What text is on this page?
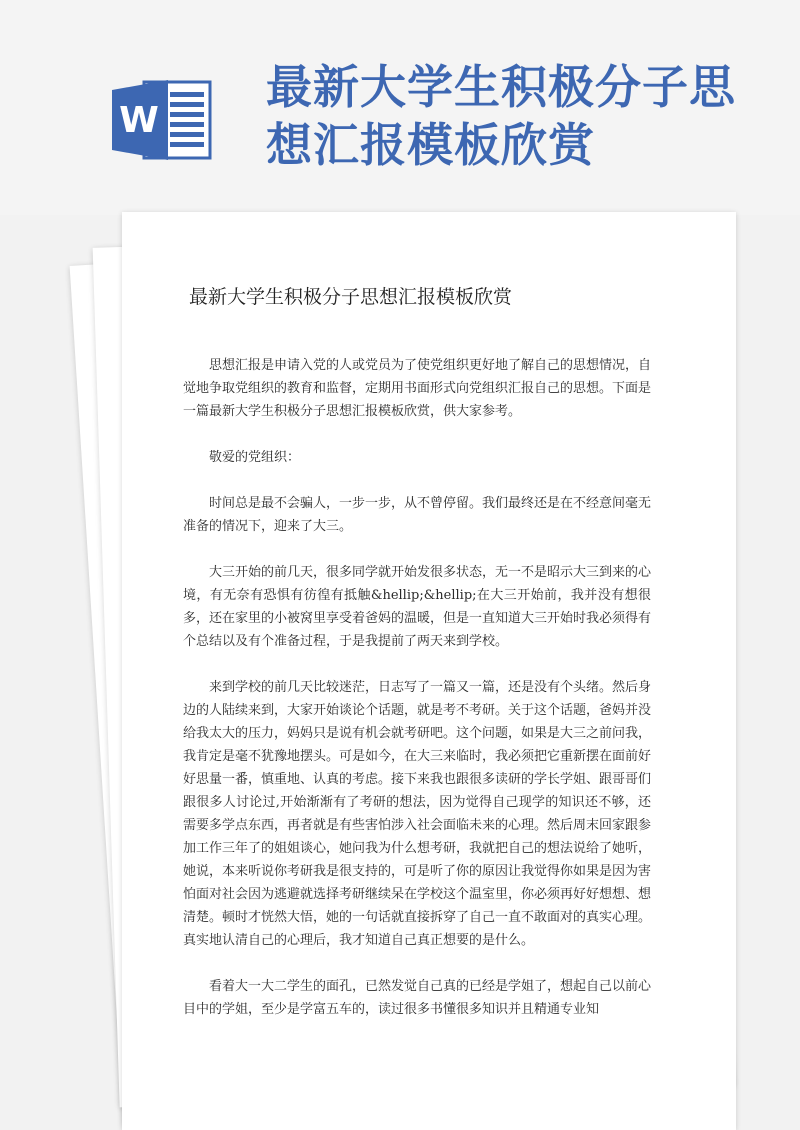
W
最新大学生积极分子思想汇报模板欣赏
最新大学生积极分子思想汇报模板欣赏

思想汇报是申请入党的人或党员为了使党组织更好地了解自己的思想情况，自觉地争取党组织的教育和监督，定期用书面形式向党组织汇报自己的思想。下面是一篇最新大学生积极分子思想汇报模板欣赏，供大家参考。

敬爱的党组织：

时间总是最不会骗人，一步一步，从不曾停留。我们最终还是在不经意间毫无准备的情况下，迎来了大三。

大三开始的前几天，很多同学就开始发很多状态，无一不是昭示大三到来的心境，有无奈有恐惧有彷徨有抵触&hellip;&hellip;在大三开始前，我并没有想很多，还在家里的小被窝里享受着爸妈的温暖，但是一直知道大三开始时我必须得有个总结以及有个准备过程，于是我提前了两天来到学校。

来到学校的前几天比较迷茫，日志写了一篇又一篇，还是没有个头绪。然后身边的人陆续来到，大家开始谈论个话题，就是考不考研。关于这个话题，爸妈并没给我太大的压力，妈妈只是说有机会就考研吧。这个问题，如果是大三之前问我，我肯定是毫不犹豫地摆头。可是如今，在大三来临时，我必须把它重新摆在面前好好思量一番，慎重地、认真的考虑。接下来我也跟很多读研的学长学姐、跟哥哥们跟很多人讨论过,开始渐渐有了考研的想法，因为觉得自己现学的知识还不够，还需要多学点东西，再者就是有些害怕涉入社会面临未来的心理。然后周末回家跟参加工作三年了的姐姐谈心，她问我为什么想考研，我就把自己的想法说给了她听，她说，本来听说你考研我是很支持的，可是听了你的原因让我觉得你如果是因为害怕面对社会因为逃避就选择考研继续呆在学校这个温室里，你必须再好好想想、想清楚。顿时才恍然大悟，她的一句话就直接拆穿了自己一直不敢面对的真实心理。真实地认清自己的心理后，我才知道自己真正想要的是什么。

看着大一大二学生的面孔，已然发觉自己真的已经是学姐了，想起自己以前心目中的学姐，至少是学富五车的，读过很多书懂很多知识并且精通专业知
